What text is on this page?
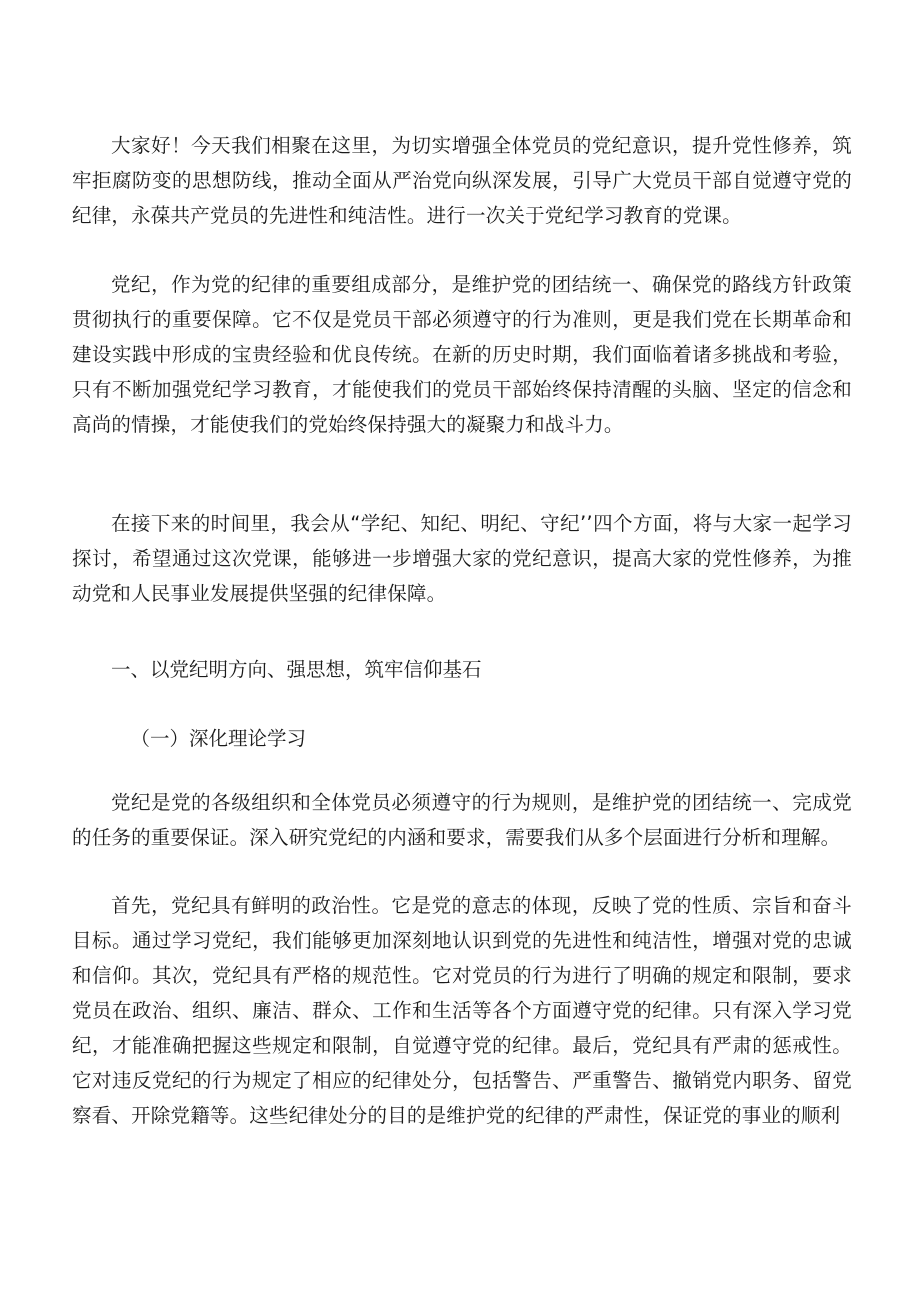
大家好！今天我们相聚在这里，为切实增强全体党员的党纪意识，提升党性修养，筑牢拒腐防变的思想防线，推动全面从严治党向纵深发展，引导广大党员干部自觉遵守党的纪律，永葆共产党员的先进性和纯洁性。进行一次关于党纪学习教育的党课。

党纪，作为党的纪律的重要组成部分，是维护党的团结统一、确保党的路线方针政策贯彻执行的重要保障。它不仅是党员干部必须遵守的行为准则，更是我们党在长期革命和建设实践中形成的宝贵经验和优良传统。在新的历史时期，我们面临着诸多挑战和考验，只有不断加强党纪学习教育，才能使我们的党员干部始终保持清醒的头脑、坚定的信念和高尚的情操，才能使我们的党始终保持强大的凝聚力和战斗力。

在接下来的时间里，我会从“学纪、知纪、明纪、守纪’’四个方面，将与大家一起学习探讨，希望通过这次党课，能够进一步增强大家的党纪意识，提高大家的党性修养，为推动党和人民事业发展提供坚强的纪律保障。

一、以党纪明方向、强思想，筑牢信仰基石

（一）深化理论学习

党纪是党的各级组织和全体党员必须遵守的行为规则，是维护党的团结统一、完成党的任务的重要保证。深入研究党纪的内涵和要求，需要我们从多个层面进行分析和理解。

首先，党纪具有鲜明的政治性。它是党的意志的体现，反映了党的性质、宗旨和奋斗目标。通过学习党纪，我们能够更加深刻地认识到党的先进性和纯洁性，增强对党的忠诚和信仰。其次，党纪具有严格的规范性。它对党员的行为进行了明确的规定和限制，要求党员在政治、组织、廉洁、群众、工作和生活等各个方面遵守党的纪律。只有深入学习党纪，才能准确把握这些规定和限制，自觉遵守党的纪律。最后，党纪具有严肃的惩戒性。它对违反党纪的行为规定了相应的纪律处分，包括警告、严重警告、撤销党内职务、留党察看、开除党籍等。这些纪律处分的目的是维护党的纪律的严肃性，保证党的事业的顺利
